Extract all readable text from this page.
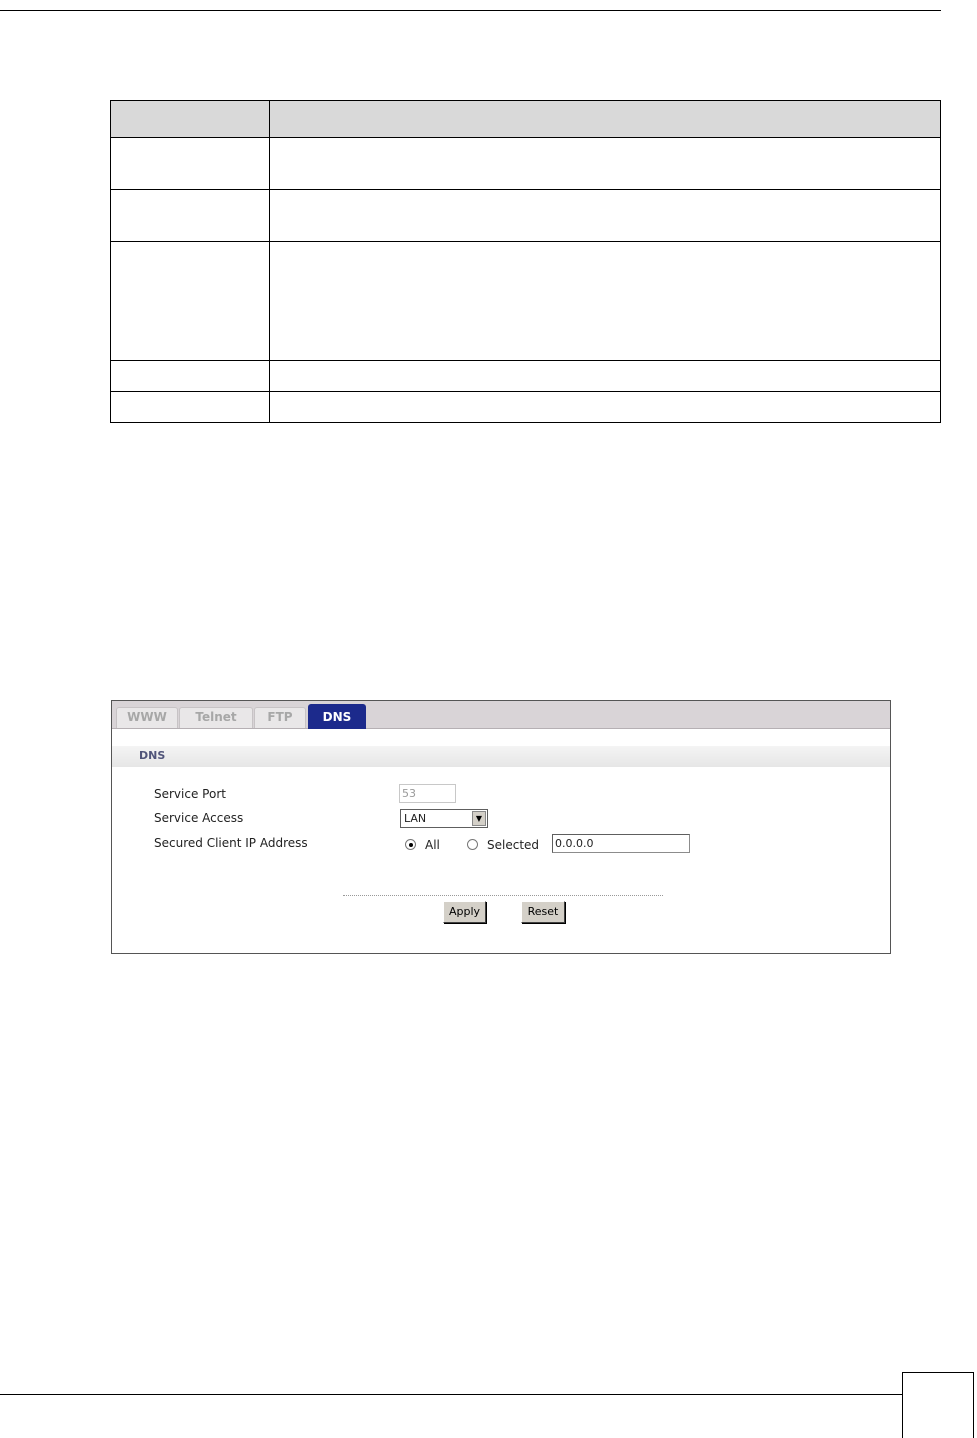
WWW	Telnet	FTP	DNS
DNS
Service Port	53
Service Access	LAN	▼
Secured Client IP Address	All	Selected 0.0.0.0
Apply	Reset
